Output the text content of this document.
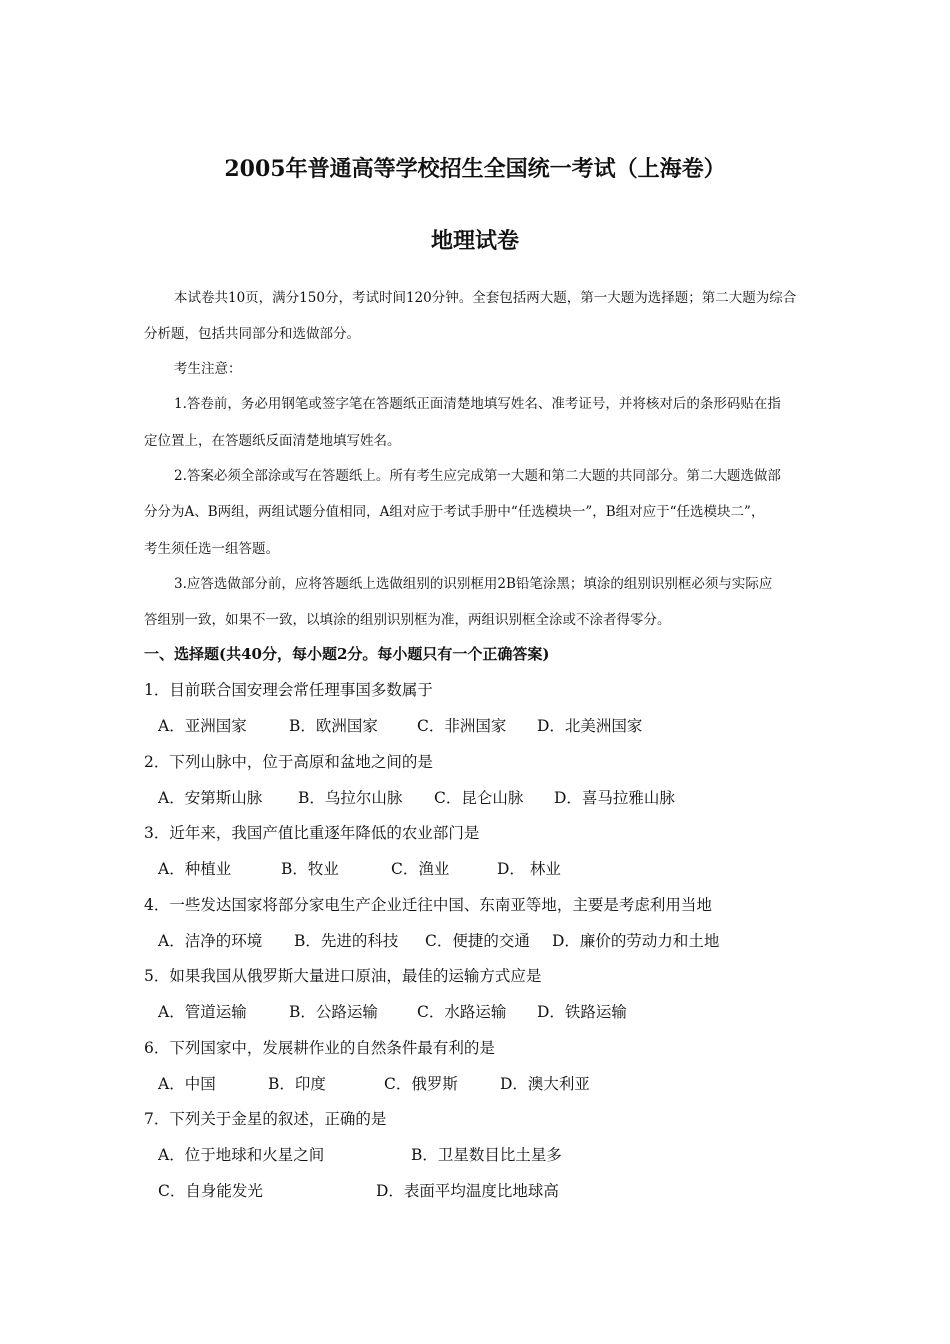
2005年普通高等学校招生全国统一考试（上海卷）
地理试卷
本试卷共10页，满分150分，考试时间120分钟。全套包括两大题，第一大题为选择题；第二大题为综合
分析题，包括共同部分和选做部分。
考生注意：
1.答卷前，务必用钢笔或签字笔在答题纸正面清楚地填写姓名、准考证号，并将核对后的条形码贴在指
定位置上，在答题纸反面清楚地填写姓名。
2.答案必须全部涂或写在答题纸上。所有考生应完成第一大题和第二大题的共同部分。第二大题选做部
分分为A、B两组，两组试题分值相同，A组对应于考试手册中“任选模块一”，B组对应于“任选模块二”，
考生须任选一组答题。
3.应答选做部分前，应将答题纸上选做组别的识别框用2B铅笔涂黑；填涂的组别识别框必须与实际应
答组别一致，如果不一致，以填涂的组别识别框为准，两组识别框全涂或不涂者得零分。
一、选择题(共40分，每小题2分。每小题只有一个正确答案)
1．目前联合国安理会常任理事国多数属于
A．亚洲国家	B．欧洲国家	C．非洲国家 D．北美洲国家
2．下列山脉中，位于高原和盆地之间的是
A．安第斯山脉 B．乌拉尔山脉 C．昆仑山脉 D．喜马拉雅山脉
3．近年来，我国产值比重逐年降低的农业部门是
A．种植业	B．牧业	C．渔业	D． 林业
4．一些发达国家将部分家电生产企业迁往中国、东南亚等地，主要是考虑利用当地
A．洁净的环境 B．先进的科技 C．便捷的交通 D．廉价的劳动力和土地
5．如果我国从俄罗斯大量进口原油，最佳的运输方式应是
A．管道运输	B．公路运输	C．水路运输 D．铁路运输
6．下列国家中，发展耕作业的自然条件最有利的是
A．中国	B．印度	C．俄罗斯	D．澳大利亚
7．下列关于金星的叙述，正确的是
A．位于地球和火星之间	B．卫星数目比土星多
C．自身能发光	D．表面平均温度比地球高
